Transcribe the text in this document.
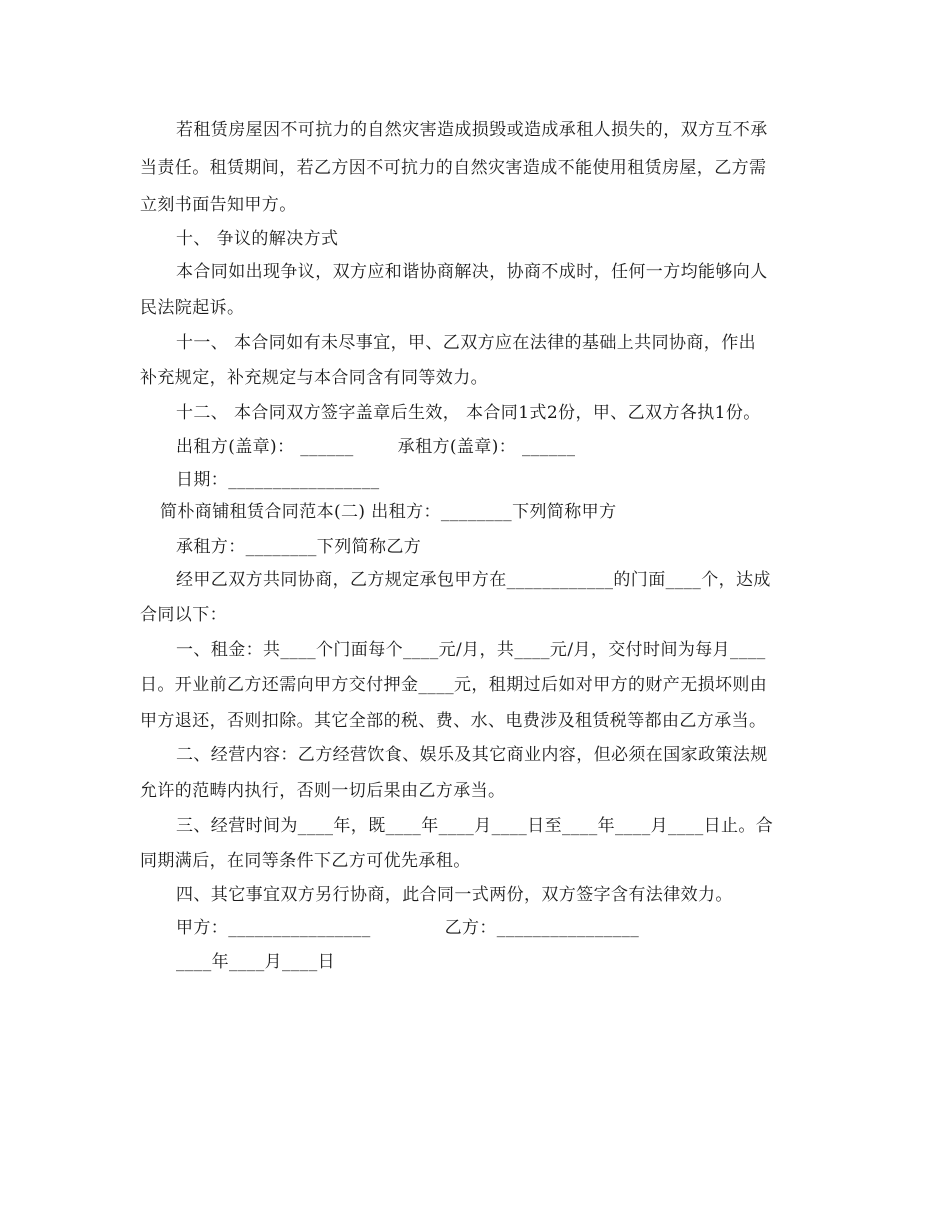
若租赁房屋因不可抗力的自然灾害造成损毁或造成承租人损失的，双方互不承
当责任。租赁期间，若乙方因不可抗力的自然灾害造成不能使用租赁房屋，乙方需
立刻书面告知甲方。
十、 争议的解决方式
本合同如出现争议，双方应和谐协商解决，协商不成时，任何一方均能够向人
民法院起诉。
十一、 本合同如有未尽事宜，甲、乙双方应在法律的基础上共同协商，作出
补充规定，补充规定与本合同含有同等效力。
十二、 本合同双方签字盖章后生效， 本合同1式2份，甲、乙双方各执1份。
出租方(盖章)： ______	承租方(盖章)： ______
日期：_________________
简朴商铺租赁合同范本(二) 出租方：________下列简称甲方
承租方：________下列简称乙方
经甲乙双方共同协商，乙方规定承包甲方在____________的门面____个，达成
合同以下：
一、租金：共____个门面每个____元/月，共____元/月，交付时间为每月____
日。开业前乙方还需向甲方交付押金____元，租期过后如对甲方的财产无损坏则由
甲方退还，否则扣除。其它全部的税、费、水、电费涉及租赁税等都由乙方承当。
二、经营内容：乙方经营饮食、娱乐及其它商业内容，但必须在国家政策法规
允许的范畴内执行，否则一切后果由乙方承当。
三、经营时间为____年，既____年____月____日至____年____月____日止。合
同期满后，在同等条件下乙方可优先承租。
四、其它事宜双方另行协商，此合同一式两份，双方签字含有法律效力。
甲方：________________	乙方：________________
____年____月____日
